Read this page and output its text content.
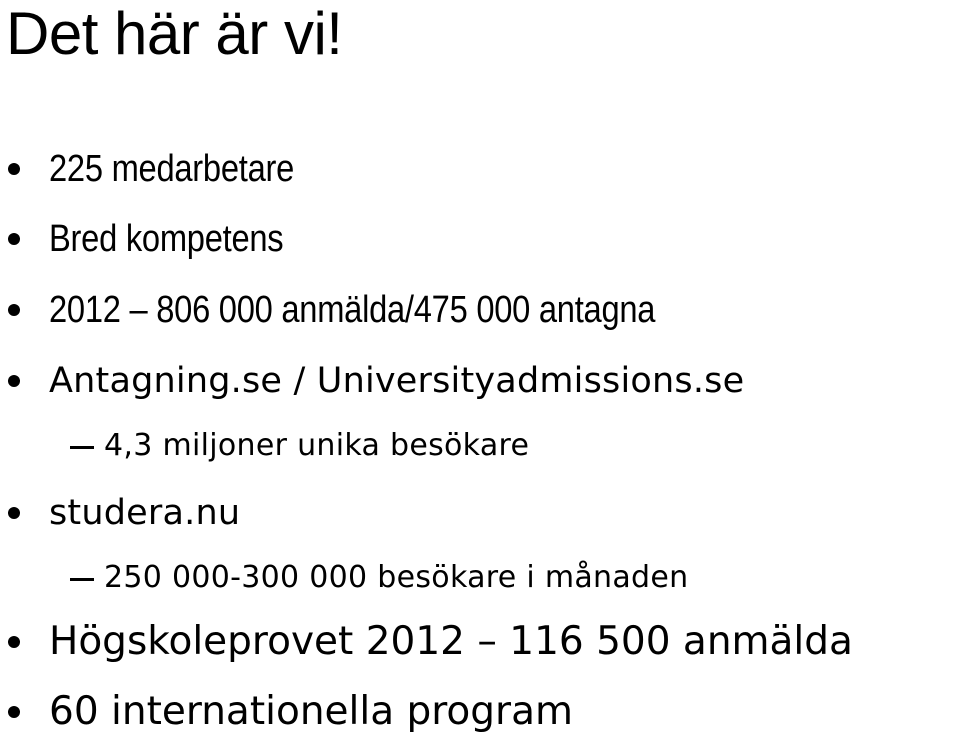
Det här är vi!
225 medarbetare
Bred kompetens
2012 – 806 000 anmälda/475 000 antagna
Antagning.se / Universityadmissions.se
4,3 miljoner unika besökare
studera.nu
250 000-300 000 besökare i månaden
Högskoleprovet 2012 – 116 500 anmälda
60 internationella program
